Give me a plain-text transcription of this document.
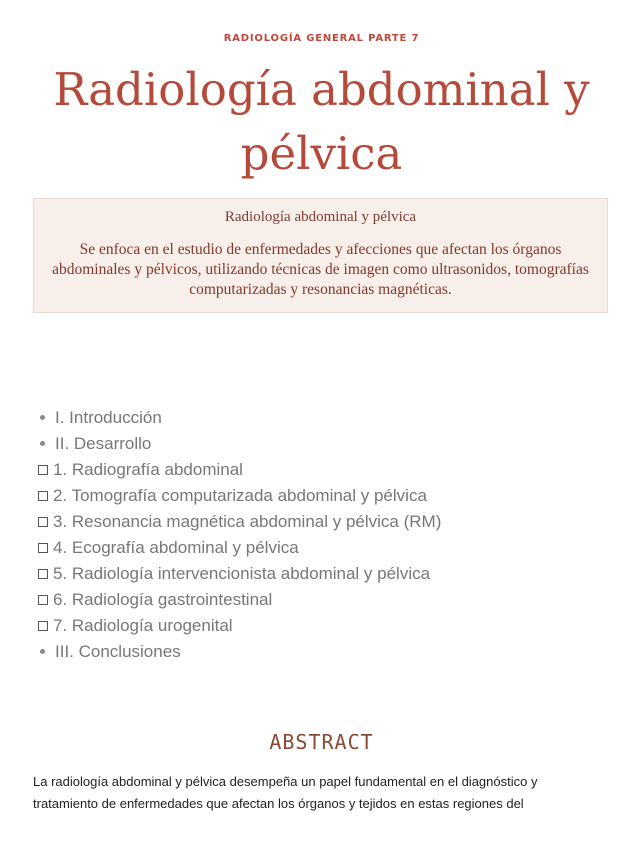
RADIOLOGÍA GENERAL PARTE 7
Radiología abdominal y
pélvica
Radiología abdominal y pélvica
Se enfoca en el estudio de enfermedades y afecciones que afectan los órganos abdominales y pélvicos, utilizando técnicas de imagen como ultrasonidos, tomografías computarizadas y resonancias magnéticas.
I. Introducción
II. Desarrollo
1. Radiografía abdominal
2. Tomografía computarizada abdominal y pélvica
3. Resonancia magnética abdominal y pélvica (RM)
4. Ecografía abdominal y pélvica
5. Radiología intervencionista abdominal y pélvica
6. Radiología gastrointestinal
7. Radiología urogenital
III. Conclusiones
ABSTRACT
La radiología abdominal y pélvica desempeña un papel fundamental en el diagnóstico y
tratamiento de enfermedades que afectan los órganos y tejidos en estas regiones del
